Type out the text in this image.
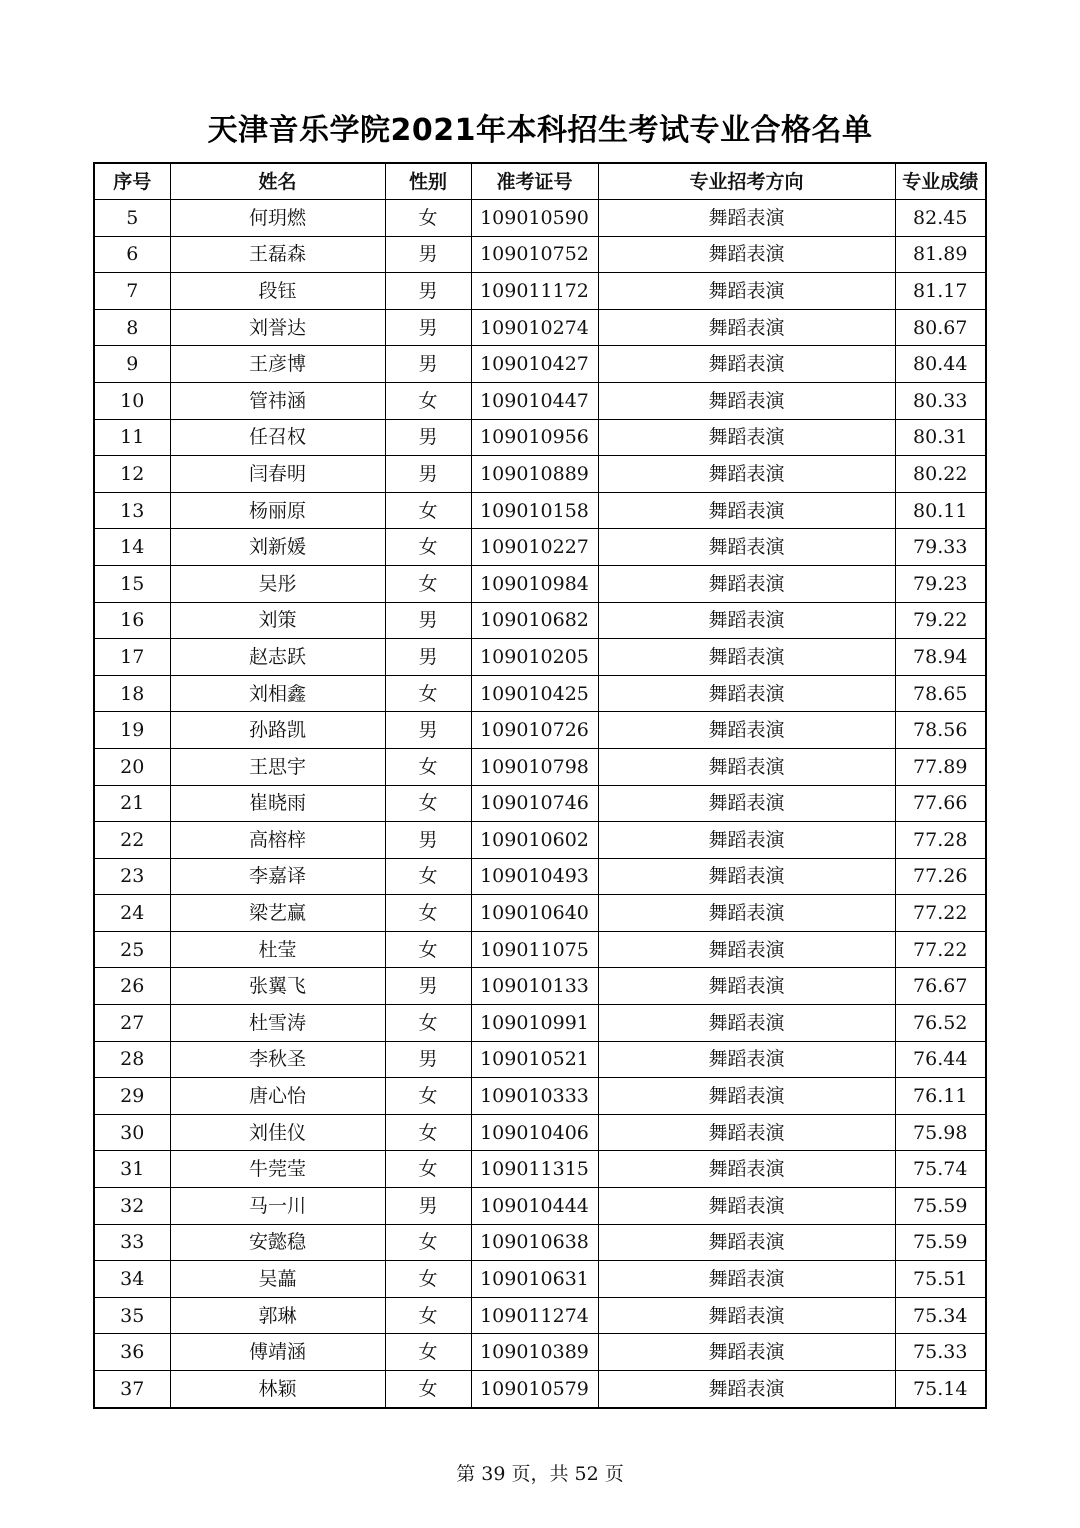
天津音乐学院2021年本科招生考试专业合格名单
序号	姓名	性别	准考证号	专业招考方向	专业成绩
5	何玥燃	女	109010590	舞蹈表演	82.45
6	王磊森	男	109010752	舞蹈表演	81.89
7	段钰	男	109011172	舞蹈表演	81.17
8	刘誉达	男	109010274	舞蹈表演	80.67
9	王彦博	男	109010427	舞蹈表演	80.44
10	管祎涵	女	109010447	舞蹈表演	80.33
11	任召权	男	109010956	舞蹈表演	80.31
12	闫春明	男	109010889	舞蹈表演	80.22
13	杨丽原	女	109010158	舞蹈表演	80.11
14	刘新媛	女	109010227	舞蹈表演	79.33
15	吴彤	女	109010984	舞蹈表演	79.23
16	刘策	男	109010682	舞蹈表演	79.22
17	赵志跃	男	109010205	舞蹈表演	78.94
18	刘相鑫	女	109010425	舞蹈表演	78.65
19	孙路凯	男	109010726	舞蹈表演	78.56
20	王思宇	女	109010798	舞蹈表演	77.89
21	崔晓雨	女	109010746	舞蹈表演	77.66
22	高榕梓	男	109010602	舞蹈表演	77.28
23	李嘉译	女	109010493	舞蹈表演	77.26
24	梁艺赢	女	109010640	舞蹈表演	77.22
25	杜莹	女	109011075	舞蹈表演	77.22
26	张翼飞	男	109010133	舞蹈表演	76.67
27	杜雪涛	女	109010991	舞蹈表演	76.52
28	李秋圣	男	109010521	舞蹈表演	76.44
29	唐心怡	女	109010333	舞蹈表演	76.11
30	刘佳仪	女	109010406	舞蹈表演	75.98
31	牛莞莹	女	109011315	舞蹈表演	75.74
32	马一川	男	109010444	舞蹈表演	75.59
33	安懿稳	女	109010638	舞蹈表演	75.59
34	吴藟	女	109010631	舞蹈表演	75.51
35	郭琳	女	109011274	舞蹈表演	75.34
36	傅靖涵	女	109010389	舞蹈表演	75.33
37	林颖	女	109010579	舞蹈表演	75.14
第 39 页，共 52 页
